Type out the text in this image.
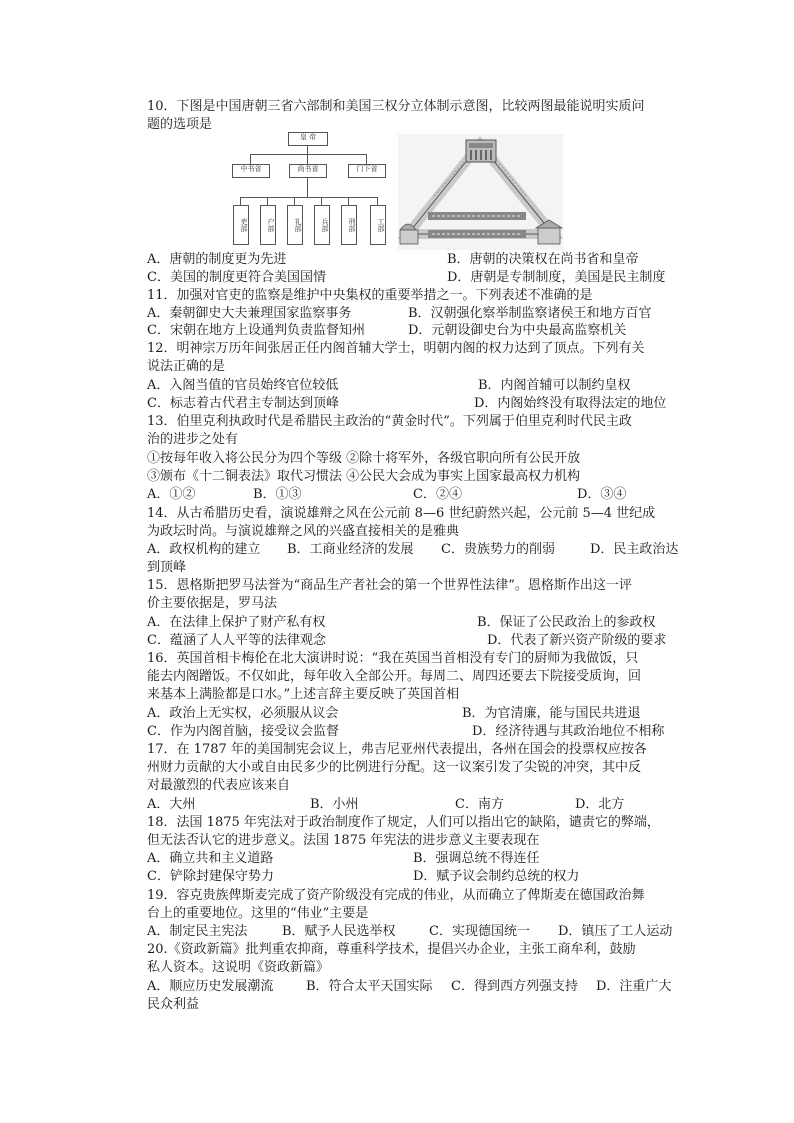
10．下图是中国唐朝三省六部制和美国三权分立体制示意图，比较两图最能说明实质问
题的选项是
皇 帝
中书省	尚书省	门下省
吏部	户部	礼部	兵部	刑部	工部
A．唐朝的制度更为先进	B．唐朝的决策权在尚书省和皇帝
C．美国的制度更符合美国国情	D．唐朝是专制制度，美国是民主制度
11．加强对官吏的监察是维护中央集权的重要举措之一。下列表述不准确的是
A．秦朝御史大夫兼理国家监察事务	B．汉朝强化察举制监察诸侯王和地方百官
C．宋朝在地方上设通判负责监督知州	D．元朝设御史台为中央最高监察机关
12．明神宗万历年间张居正任内阁首辅大学士，明朝内阁的权力达到了顶点。下列有关
说法正确的是
A．入阁当值的官员始终官位较低	B．内阁首辅可以制约皇权
C．标志着古代君主专制达到顶峰	D．内阁始终没有取得法定的地位
13．伯里克利执政时代是希腊民主政治的“黄金时代”。下列属于伯里克利时代民主政
治的进步之处有
①按每年收入将公民分为四个等级 ②除十将军外，各级官职向所有公民开放
③颁布《十二铜表法》取代习惯法 ④公民大会成为事实上国家最高权力机构
A．①②	B．①③	C．②④	D．③④
14．从古希腊历史看，演说雄辩之风在公元前 8—6 世纪蔚然兴起，公元前 5—4 世纪成
为政坛时尚。与演说雄辩之风的兴盛直接相关的是雅典
A．政权机构的建立 B．工商业经济的发展 C．贵族势力的削弱	D．民主政治达
到顶峰
15．恩格斯把罗马法誉为“商品生产者社会的第一个世界性法律”。恩格斯作出这一评
价主要依据是，罗马法
A．在法律上保护了财产私有权	B．保证了公民政治上的参政权
C．蕴涵了人人平等的法律观念	D．代表了新兴资产阶级的要求
16．英国首相卡梅伦在北大演讲时说：“我在英国当首相没有专门的厨师为我做饭，只
能去内阁蹭饭。不仅如此，每年收入全部公开。每周二、周四还要去下院接受质询，回
来基本上满脸都是口水。”上述言辞主要反映了英国首相
A．政治上无实权，必须服从议会	B．为官清廉，能与国民共进退
C．作为内阁首脑，接受议会监督	D．经济待遇与其政治地位不相称
17．在 1787 年的美国制宪会议上，弗吉尼亚州代表提出，各州在国会的投票权应按各
州财力贡献的大小或自由民多少的比例进行分配。这一议案引发了尖锐的冲突，其中反
对最激烈的代表应该来自
A．大州	B．小州	C．南方	D．北方
18．法国 1875 年宪法对于政治制度作了规定，人们可以指出它的缺陷，谴责它的弊端，
但无法否认它的进步意义。法国 1875 年宪法的进步意义主要表现在
A．确立共和主义道路	B．强调总统不得连任
C．铲除封建保守势力	D．赋予议会制约总统的权力
19．容克贵族俾斯麦完成了资产阶级没有完成的伟业，从而确立了俾斯麦在德国政治舞
台上的重要地位。这里的“伟业”主要是
A．制定民主宪法	B．赋予人民选举权	C．实现德国统一 D．镇压了工人运动
20.《资政新篇》批判重农抑商，尊重科学技术，提倡兴办企业，主张工商牟利，鼓励
私人资本。这说明《资政新篇》
A．顺应历史发展潮流	B．符合太平天国实际 C．得到西方列强支持 D．注重广大
民众利益
